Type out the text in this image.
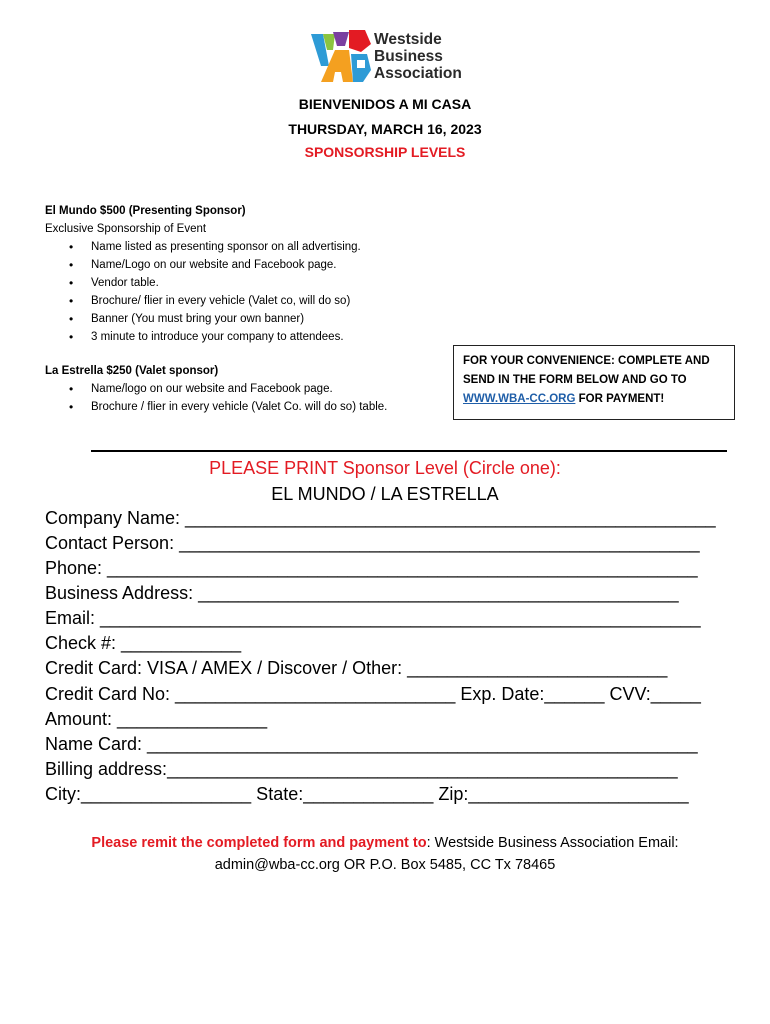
Westside
Business
Association
BIENVENIDOS A MI CASA
THURSDAY, MARCH 16, 2023
SPONSORSHIP LEVELS
El Mundo $500 (Presenting Sponsor)
Exclusive Sponsorship of Event
• Name listed as presenting sponsor on all advertising.
• Name/Logo on our website and Facebook page.
• Vendor table.
• Brochure/ flier in every vehicle (Valet co, will do so)
• Banner (You must bring your own banner)
• 3 minute to introduce your company to attendees.
La Estrella $250 (Valet sponsor)
• Name/logo on our website and Facebook page.
• Brochure / flier in every vehicle (Valet Co. will do so) table.
FOR YOUR CONVENIENCE: COMPLETE AND
SEND IN THE FORM BELOW AND GO TO
WWW.WBA-CC.ORG FOR PAYMENT!
PLEASE PRINT Sponsor Level (Circle one):
EL MUNDO / LA ESTRELLA
Company Name: _____________________________________________________
Contact Person: ____________________________________________________
Phone: ___________________________________________________________
Business Address: ________________________________________________
Email: ____________________________________________________________
Check #: ____________
Credit Card: VISA / AMEX / Discover / Other: __________________________
Credit Card No: ____________________________ Exp. Date:______ CVV:_____
Amount: _______________
Name Card: _______________________________________________________
Billing address:___________________________________________________
City:_________________ State:_____________ Zip:______________________
Please remit the completed form and payment to: Westside Business Association Email:
admin@wba-cc.org OR P.O. Box 5485, CC Tx 78465
